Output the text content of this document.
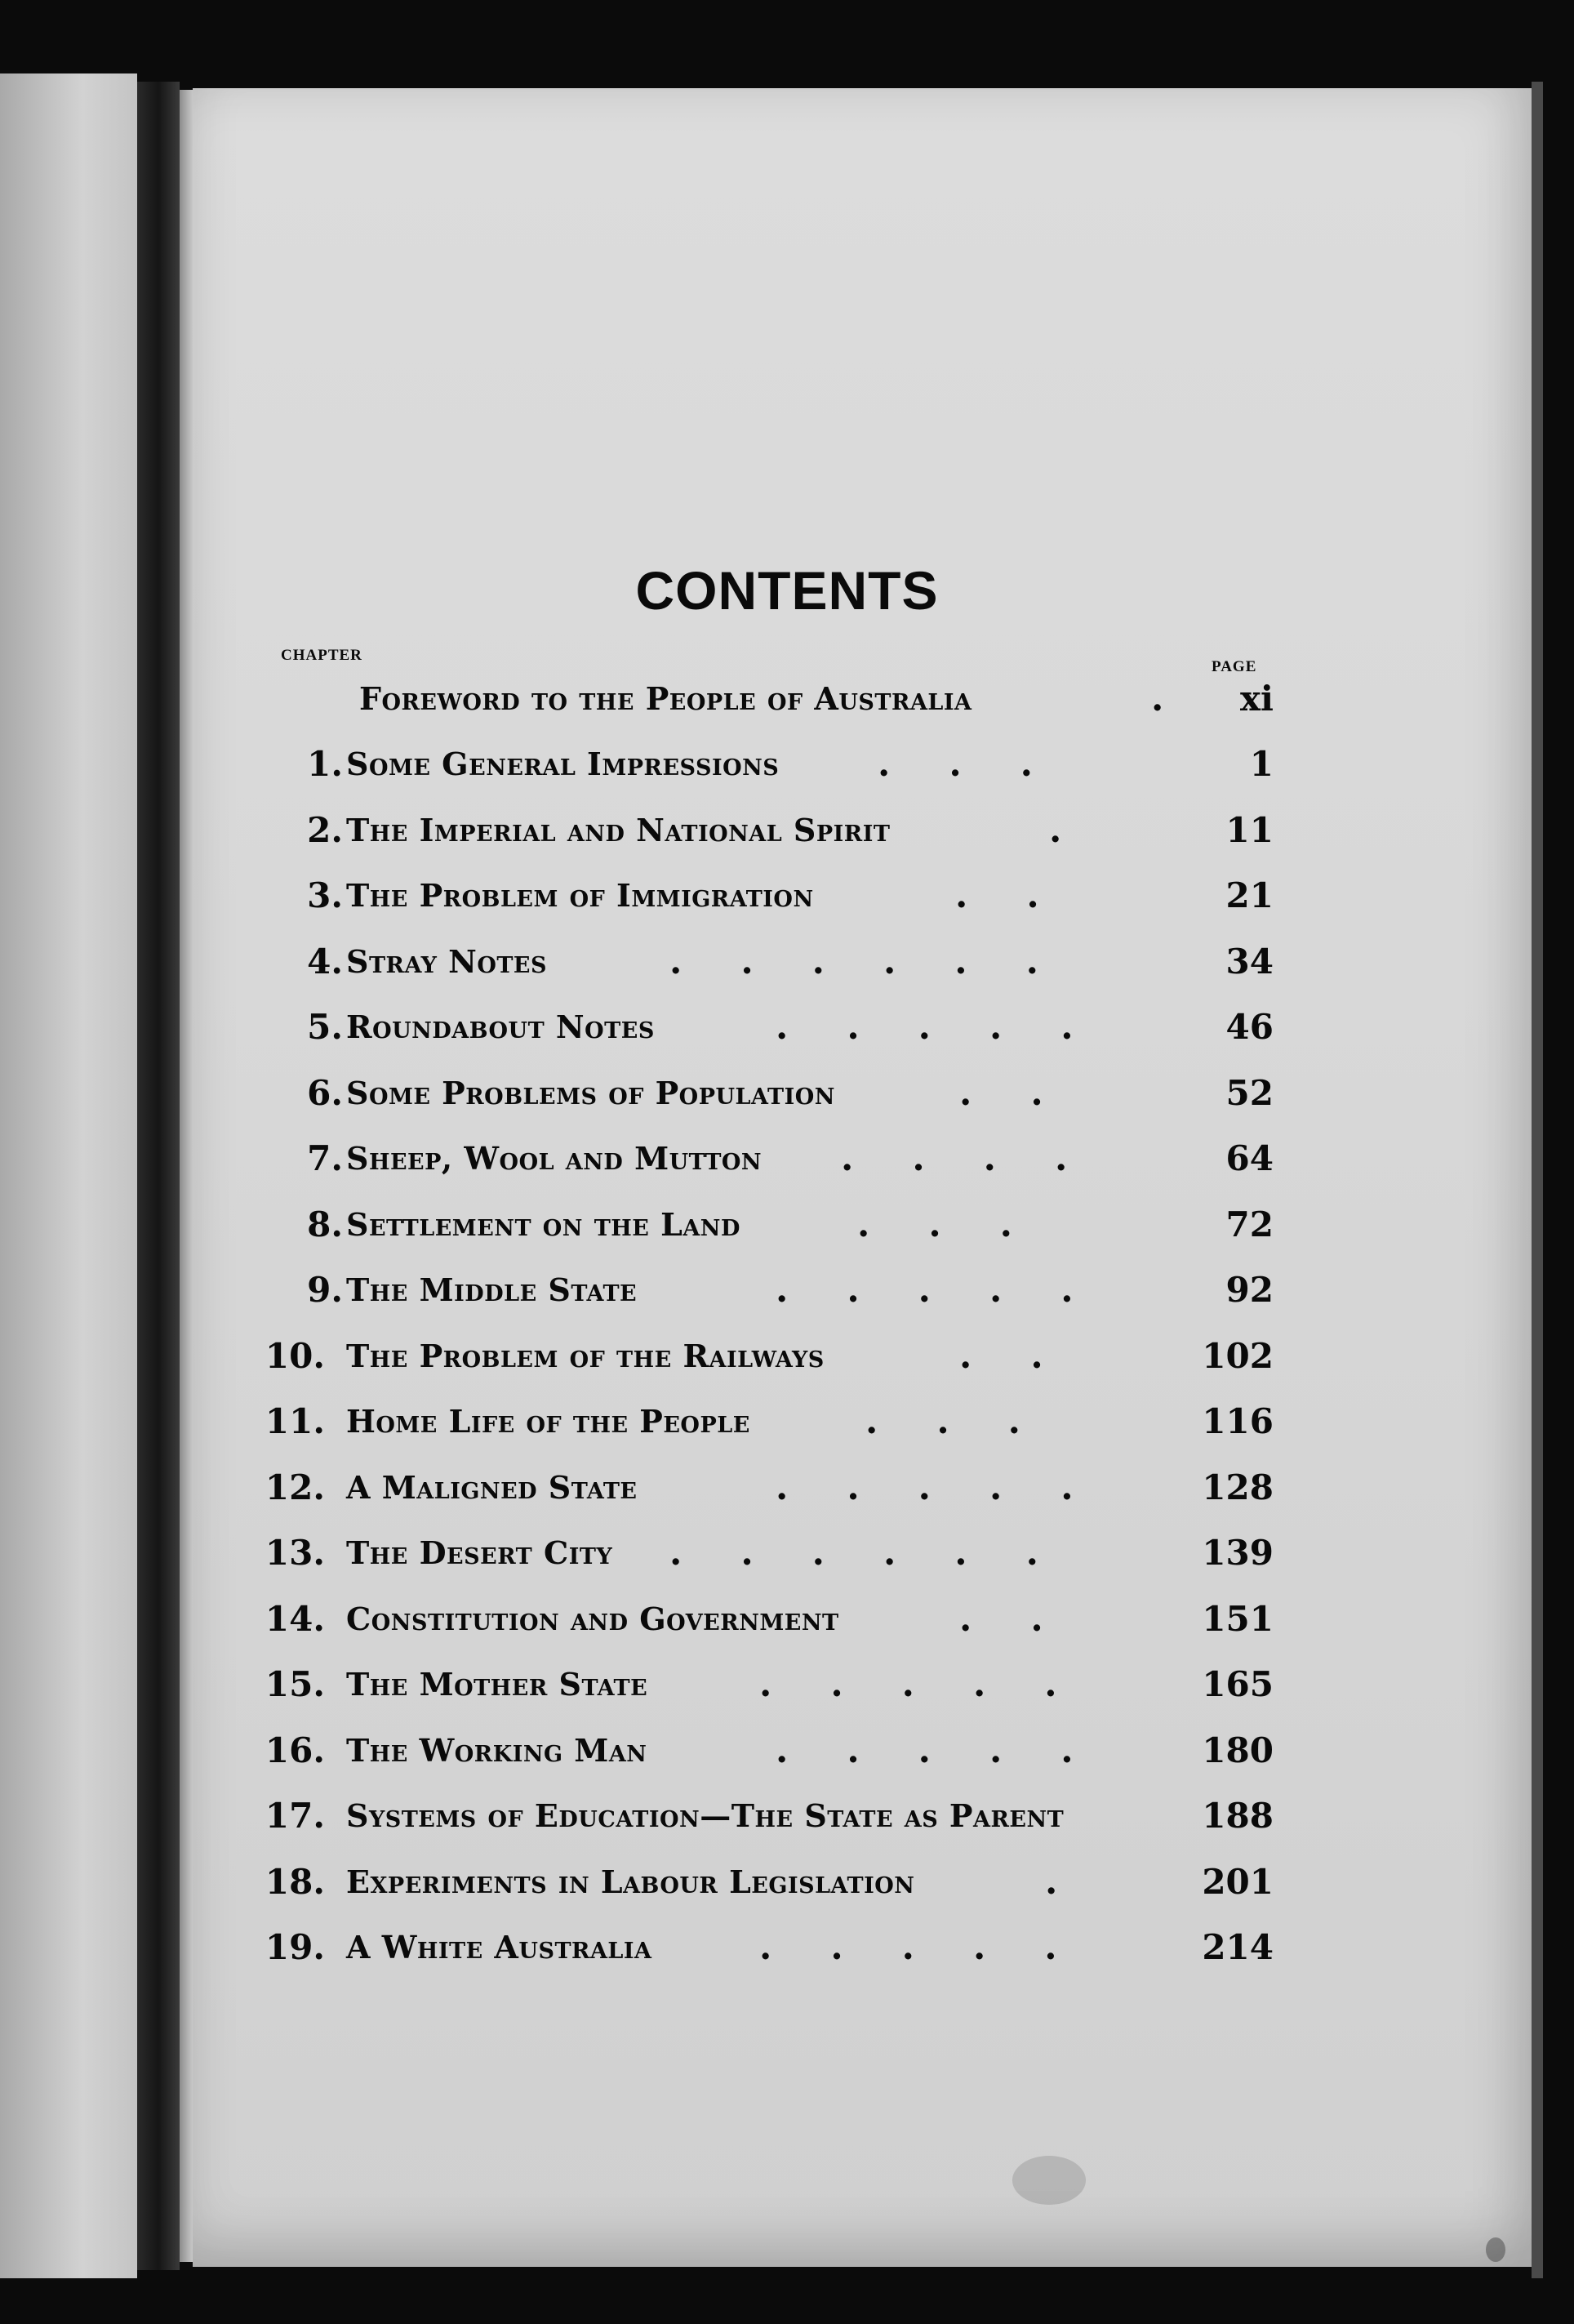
CONTENTS
CHAPTER
PAGE
Foreword to the People of Australia	. xi
1. Some General Impressions	...	1
2. The Imperial and National Spirit	.	11
3. The Problem of Immigration	..	21
4. Stray Notes	......	34
5. Roundabout Notes	.....	46
6. Some Problems of Population	..	52
7. Sheep, Wool and Mutton ....	64
8. Settlement on the Land	...	72
9. The Middle State	.....	92
10. The Problem of the Railways	..	102
11. Home Life of the People	...	116
12. A Maligned State	.....	128
13. The Desert City ......	139
14. Constitution and Government	..	151
15. The Mother State	.....	165
16. The Working Man	.....	180
17. Systems of Education—The State as Parent	188
18. Experiments in Labour Legislation	.	201
19. A White Australia	.....	214
